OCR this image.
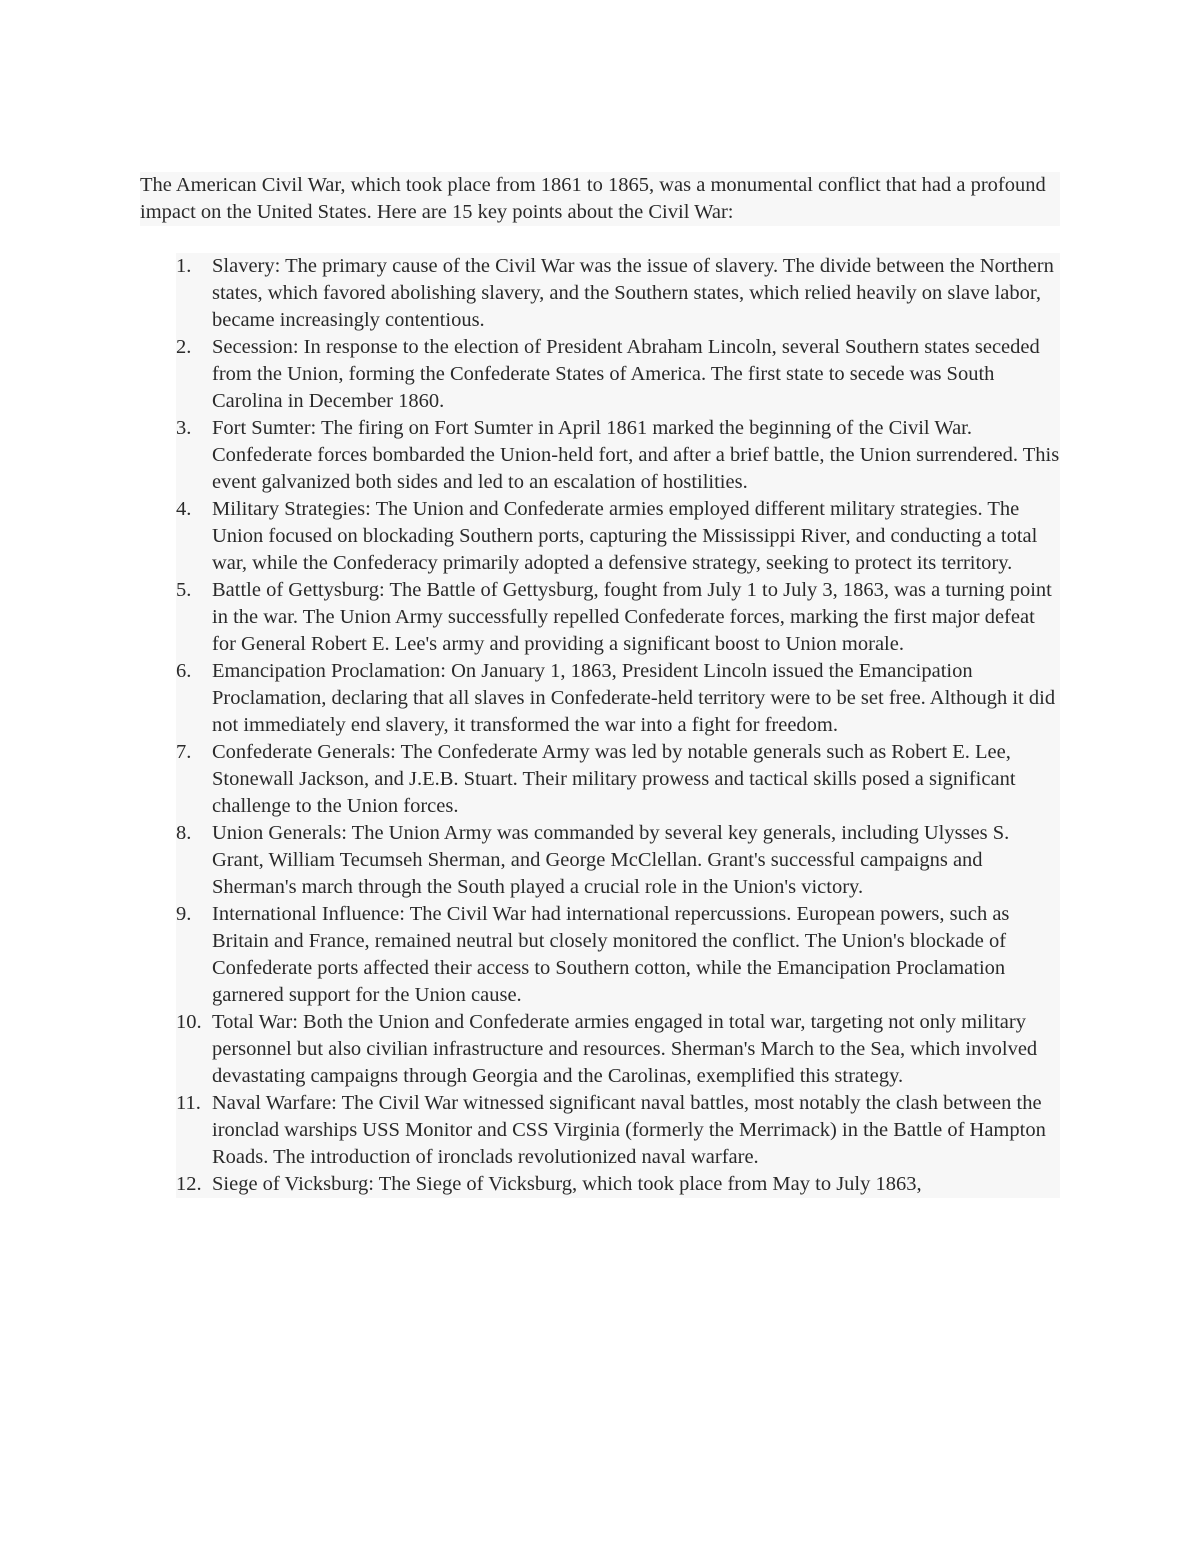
The American Civil War, which took place from 1861 to 1865, was a monumental conflict that had a profound impact on the United States. Here are 15 key points about the Civil War:

1.	Slavery: The primary cause of the Civil War was the issue of slavery. The divide between the Northern states, which favored abolishing slavery, and the Southern states, which relied heavily on slave labor, became increasingly contentious.
2.	Secession: In response to the election of President Abraham Lincoln, several Southern states seceded from the Union, forming the Confederate States of America. The first state to secede was South Carolina in December 1860.
3.	Fort Sumter: The firing on Fort Sumter in April 1861 marked the beginning of the Civil War. Confederate forces bombarded the Union-held fort, and after a brief battle, the Union surrendered. This event galvanized both sides and led to an escalation of hostilities.
4.	Military Strategies: The Union and Confederate armies employed different military strategies. The Union focused on blockading Southern ports, capturing the Mississippi River, and conducting a total war, while the Confederacy primarily adopted a defensive strategy, seeking to protect its territory.
5.	Battle of Gettysburg: The Battle of Gettysburg, fought from July 1 to July 3, 1863, was a turning point in the war. The Union Army successfully repelled Confederate forces, marking the first major defeat for General Robert E. Lee's army and providing a significant boost to Union morale.
6.	Emancipation Proclamation: On January 1, 1863, President Lincoln issued the Emancipation Proclamation, declaring that all slaves in Confederate-held territory were to be set free. Although it did not immediately end slavery, it transformed the war into a fight for freedom.
7.	Confederate Generals: The Confederate Army was led by notable generals such as Robert E. Lee, Stonewall Jackson, and J.E.B. Stuart. Their military prowess and tactical skills posed a significant challenge to the Union forces.
8.	Union Generals: The Union Army was commanded by several key generals, including Ulysses S. Grant, William Tecumseh Sherman, and George McClellan. Grant's successful campaigns and Sherman's march through the South played a crucial role in the Union's victory.
9.	International Influence: The Civil War had international repercussions. European powers, such as Britain and France, remained neutral but closely monitored the conflict. The Union's blockade of Confederate ports affected their access to Southern cotton, while the Emancipation Proclamation garnered support for the Union cause.
10. Total War: Both the Union and Confederate armies engaged in total war, targeting not only military personnel but also civilian infrastructure and resources. Sherman's March to the Sea, which involved devastating campaigns through Georgia and the Carolinas, exemplified this strategy.
11. Naval Warfare: The Civil War witnessed significant naval battles, most notably the clash between the ironclad warships USS Monitor and CSS Virginia (formerly the Merrimack) in the Battle of Hampton Roads. The introduction of ironclads revolutionized naval warfare.
12. Siege of Vicksburg: The Siege of Vicksburg, which took place from May to July 1863,
